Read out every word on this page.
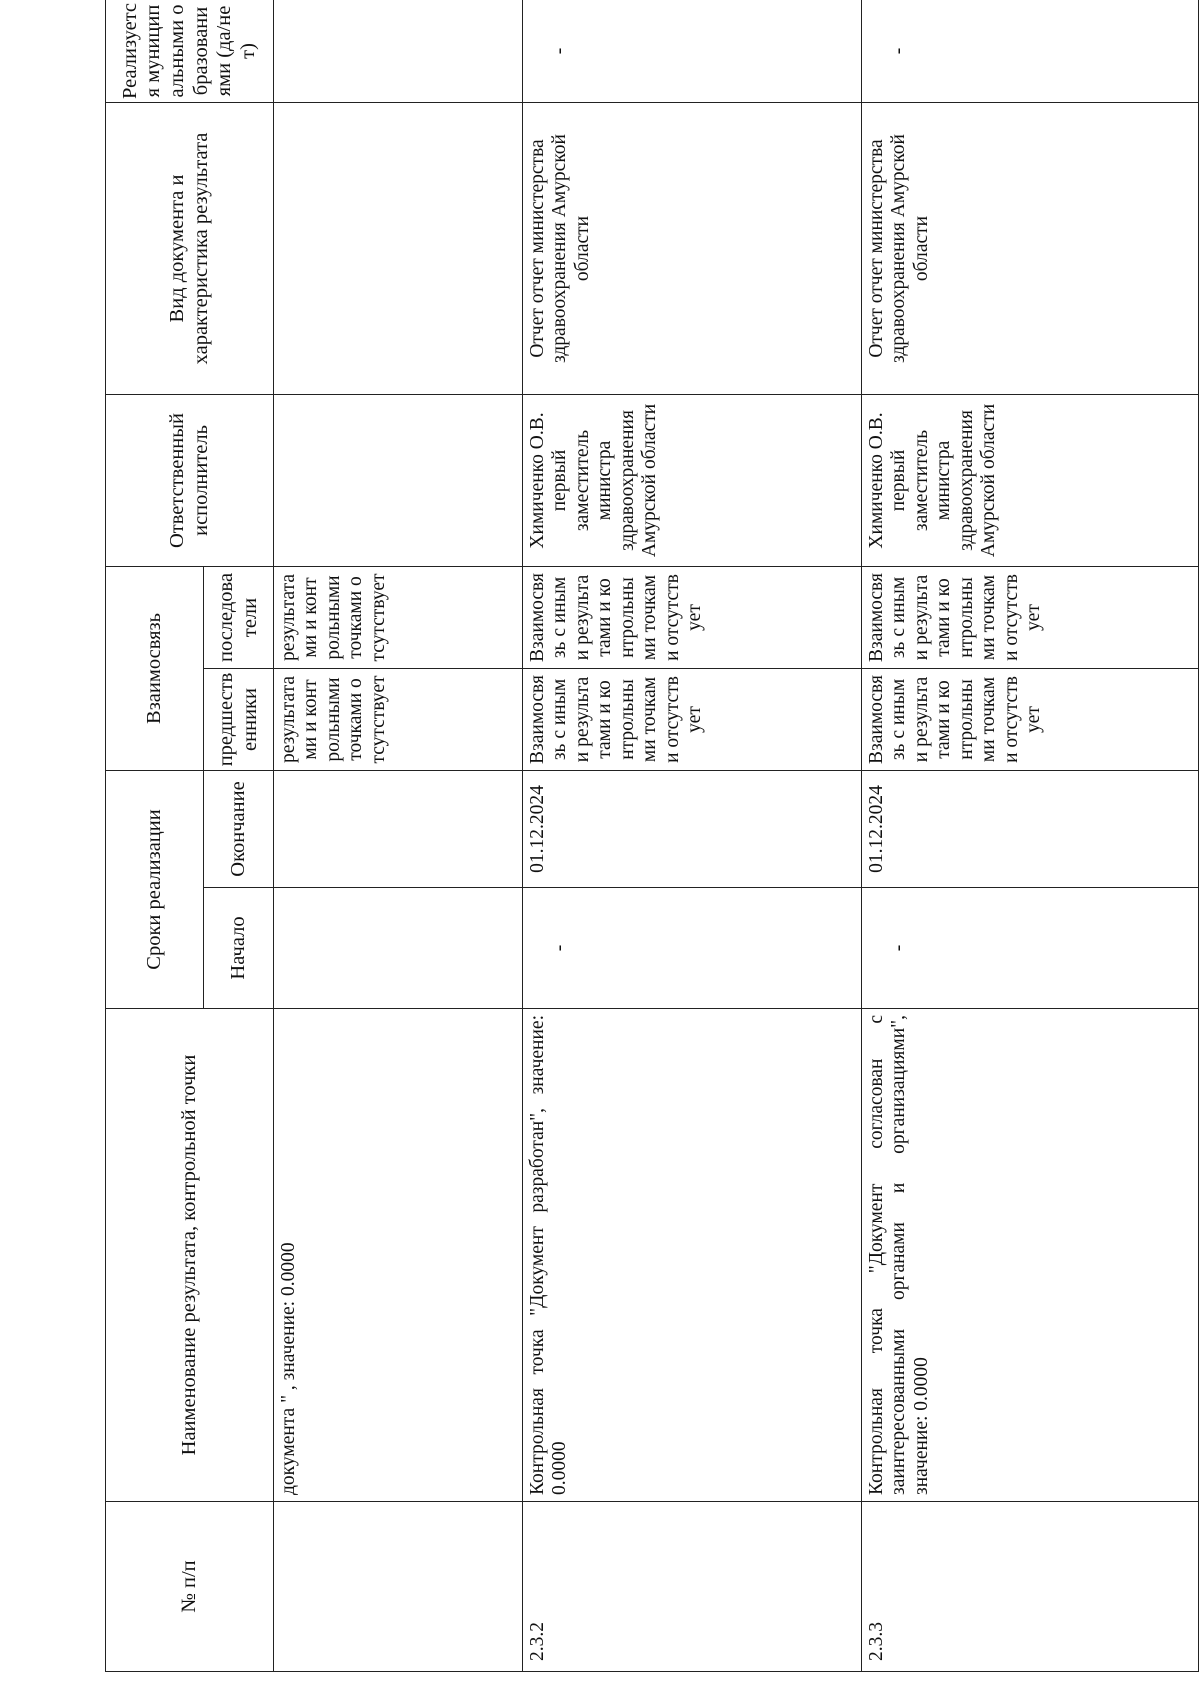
№ п/п	Наименование результата, контрольной точки	Сроки реализации		Взаимосвязь		Ответственный исполнитель	Вид документа и характеристика результата	Реализуется муниципальными образованиями (да/нет)	
		Начало	Окончание	предшественники	последователи				
	документа " , значение: 0.0000			результатами и контрольными точками отсутствует	результатами и контрольными точками отсутствует				
2.3.2	Контрольная точка "Документ разработан", значение: 0.0000	-	01.12.2024	Взаимосвязь с иными результатами и контрольными точками отсутствует	Взаимосвязь с иными результатами и контрольными точками отсутствует	Химиченко О.В. первый заместитель министра здравоохранения Амурской области	Отчет отчет министерства здравоохранения Амурской области	-	
2.3.3	Контрольная точка "Документ согласован с заинтересованными органами и организациями", значение: 0.0000	-	01.12.2024	Взаимосвязь с иными результатами и контрольными точками отсутствует	Взаимосвязь с иными результатами и контрольными точками отсутствует	Химиченко О.В. первый заместитель министра здравоохранения Амурской области	Отчет отчет министерства здравоохранения Амурской области	-	
